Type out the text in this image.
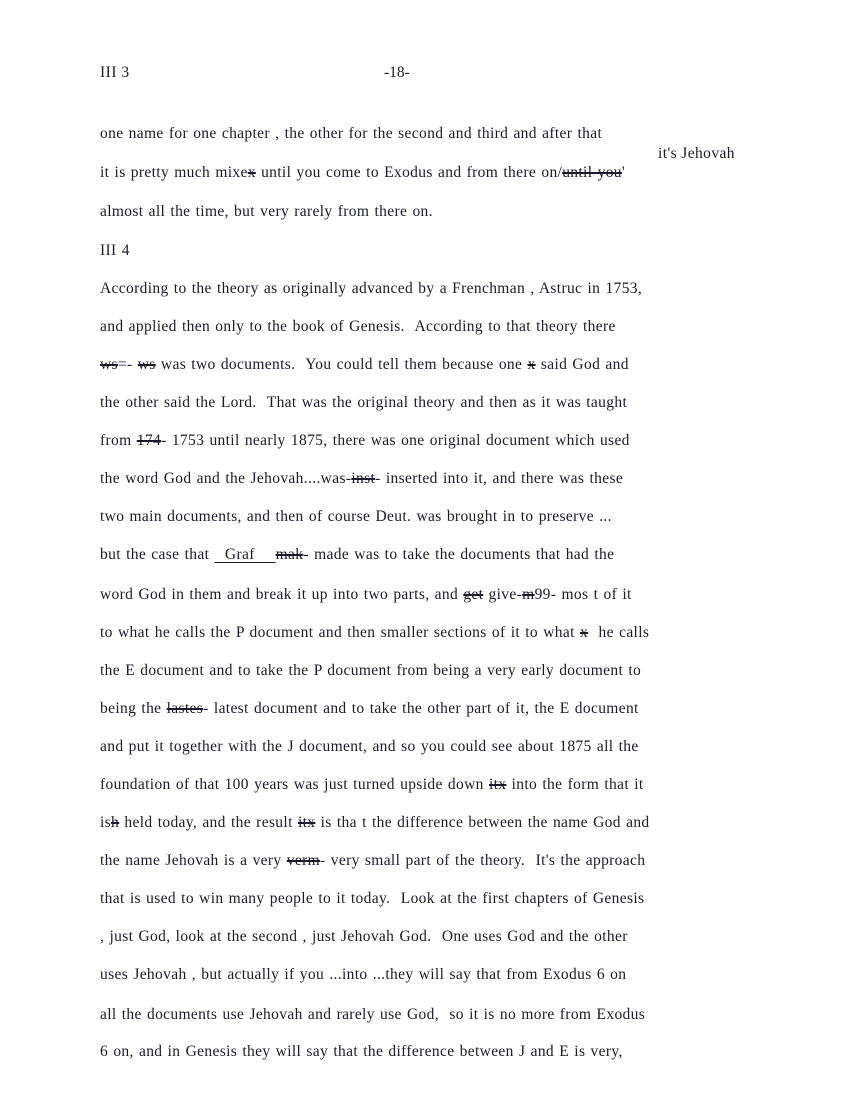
III 3	-18-
it's Jehovah
III 4
one name for one chapter , the other for the second and third and after that
it is pretty much mixex until you come to Exodus and from there on/until you'
almost all the time, but very rarely from there on.
According to the theory as originally advanced by a Frenchman , Astruc in 1753,
and applied then only to the book of Genesis.  According to that theory there
ws=- ws was two documents.  You could tell them because one x said God and
the other said the Lord.  That was the original theory and then as it was taught
from 174- 1753 until nearly 1875, there was one original document which used
the word God and the Jehovah....was-inst- inserted into it, and there was these
two main documents, and then of course Deut. was brought in to preserve ...
but the case that   Graf    mak- made was to take the documents that had the
word God in them and break it up into two parts, and get give-m99- mos t of it
to what he calls the P document and then smaller sections of it to what x  he calls
the E document and to take the P document from being a very early document to
being the lastes- latest document and to take the other part of it, the E document
and put it together with the J document, and so you could see about 1875 all the
foundation of that 100 years was just turned upside down itx into the form that it
ish held today, and the result itx is tha t the difference between the name God and
the name Jehovah is a very verm- very small part of the theory.  It's the approach
that is used to win many people to it today.  Look at the first chapters of Genesis
, just God, look at the second , just Jehovah God.  One uses God and the other
uses Jehovah , but actually if you ...into ...they will say that from Exodus 6 on
all the documents use Jehovah and rarely use God,  so it is no more from Exodus
6 on, and in Genesis they will say that the difference between J and E is very,
